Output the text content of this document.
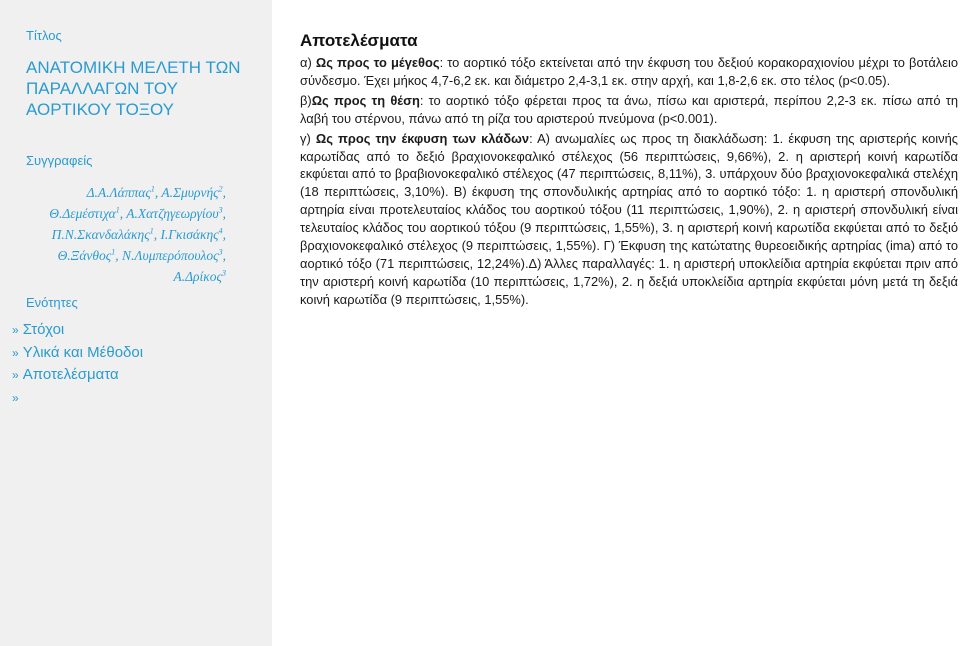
Τίτλος
ΑΝΑΤΟΜΙΚΗ ΜΕΛΕΤΗ ΤΩΝ ΠΑΡΑΛΛΑΓΩΝ ΤΟΥ ΑΟΡΤΙΚΟΥ ΤΟΞΟΥ
Συγγραφείς
Δ.Α.Λάππας$^1$, Α.Σμυρνής$^2$, Θ.Δεμέστιχα$^1$, Α.Χατζηγεωργίου$^3$, Π.Ν.Σκανδαλάκης$^1$, Ι.Γκισάκης$^4$, Θ.Ξάνθος$^1$, Ν.Λυμπερόπουλος$^3$, Α.Δρίκος$^3$
Ενότητες
» Στόχοι
» Υλικά και Μέθοδοι
» Αποτελέσματα
»
Αποτελέσματα

α) Ως προς το μέγεθος: το αορτικό τόξο εκτείνεται από την έκφυση του δεξιού κορακοραχιονίου μέχρι το βοτάλειο σύνδεσμο. Έχει μήκος 4,7-6,2 εκ. και διάμετρο 2,4-3,1 εκ. στην αρχή, και 1,8-2,6 εκ. στο τέλος (p<0.05).

β)Ως προς τη θέση: το αορτικό τόξο φέρεται προς τα άνω, πίσω και αριστερά, περίπου 2,2-3 εκ. πίσω από τη λαβή του στέρνου, πάνω από τη ρίζα του αριστερού πνεύμονα (p<0.001).

γ) Ως προς την έκφυση των κλάδων: Α) ανωμαλίες ως προς τη διακλάδωση: 1. έκφυση της αριστερής κοινής καρωτίδας από το δεξιό βραχιονοκεφαλικό στέλεχος (56 περιπτώσεις, 9,66%), 2. η αριστερή κοινή καρωτίδα εκφύεται από το βραβιονοκεφαλικό στέλεχος (47 περιπτώσεις, 8,11%), 3. υπάρχουν δύο βραχιονοκεφαλικά στελέχη (18 περιπτώσεις, 3,10%). Β) έκφυση της σπονδυλικής αρτηρίας από το αορτικό τόξο: 1. η αριστερή σπονδυλική αρτηρία είναι προτελευταίος κλάδος του αορτικού τόξου (11 περιπτώσεις, 1,90%), 2. η αριστερή σπονδυλική είναι τελευταίος κλάδος του αορτικού τόξου (9 περιπτώσεις, 1,55%), 3. η αριστερή κοινή καρωτίδα εκφύεται από το δεξιό βραχιονοκεφαλικό στέλεχος (9 περιπτώσεις, 1,55%). Γ) Έκφυση της κατώτατης θυρεοειδικής αρτηρίας (ima) από το αορτικό τόξο (71 περιπτώσεις, 12,24%).Δ) Άλλες παραλλαγές: 1. η αριστερή υποκλείδια αρτηρία εκφύεται πριν από την αριστερή κοινή καρωτίδα (10 περιπτώσεις, 1,72%), 2. η δεξιά υποκλείδια αρτηρία εκφύεται μόνη μετά τη δεξιά κοινή καρωτίδα (9 περιπτώσεις, 1,55%).
